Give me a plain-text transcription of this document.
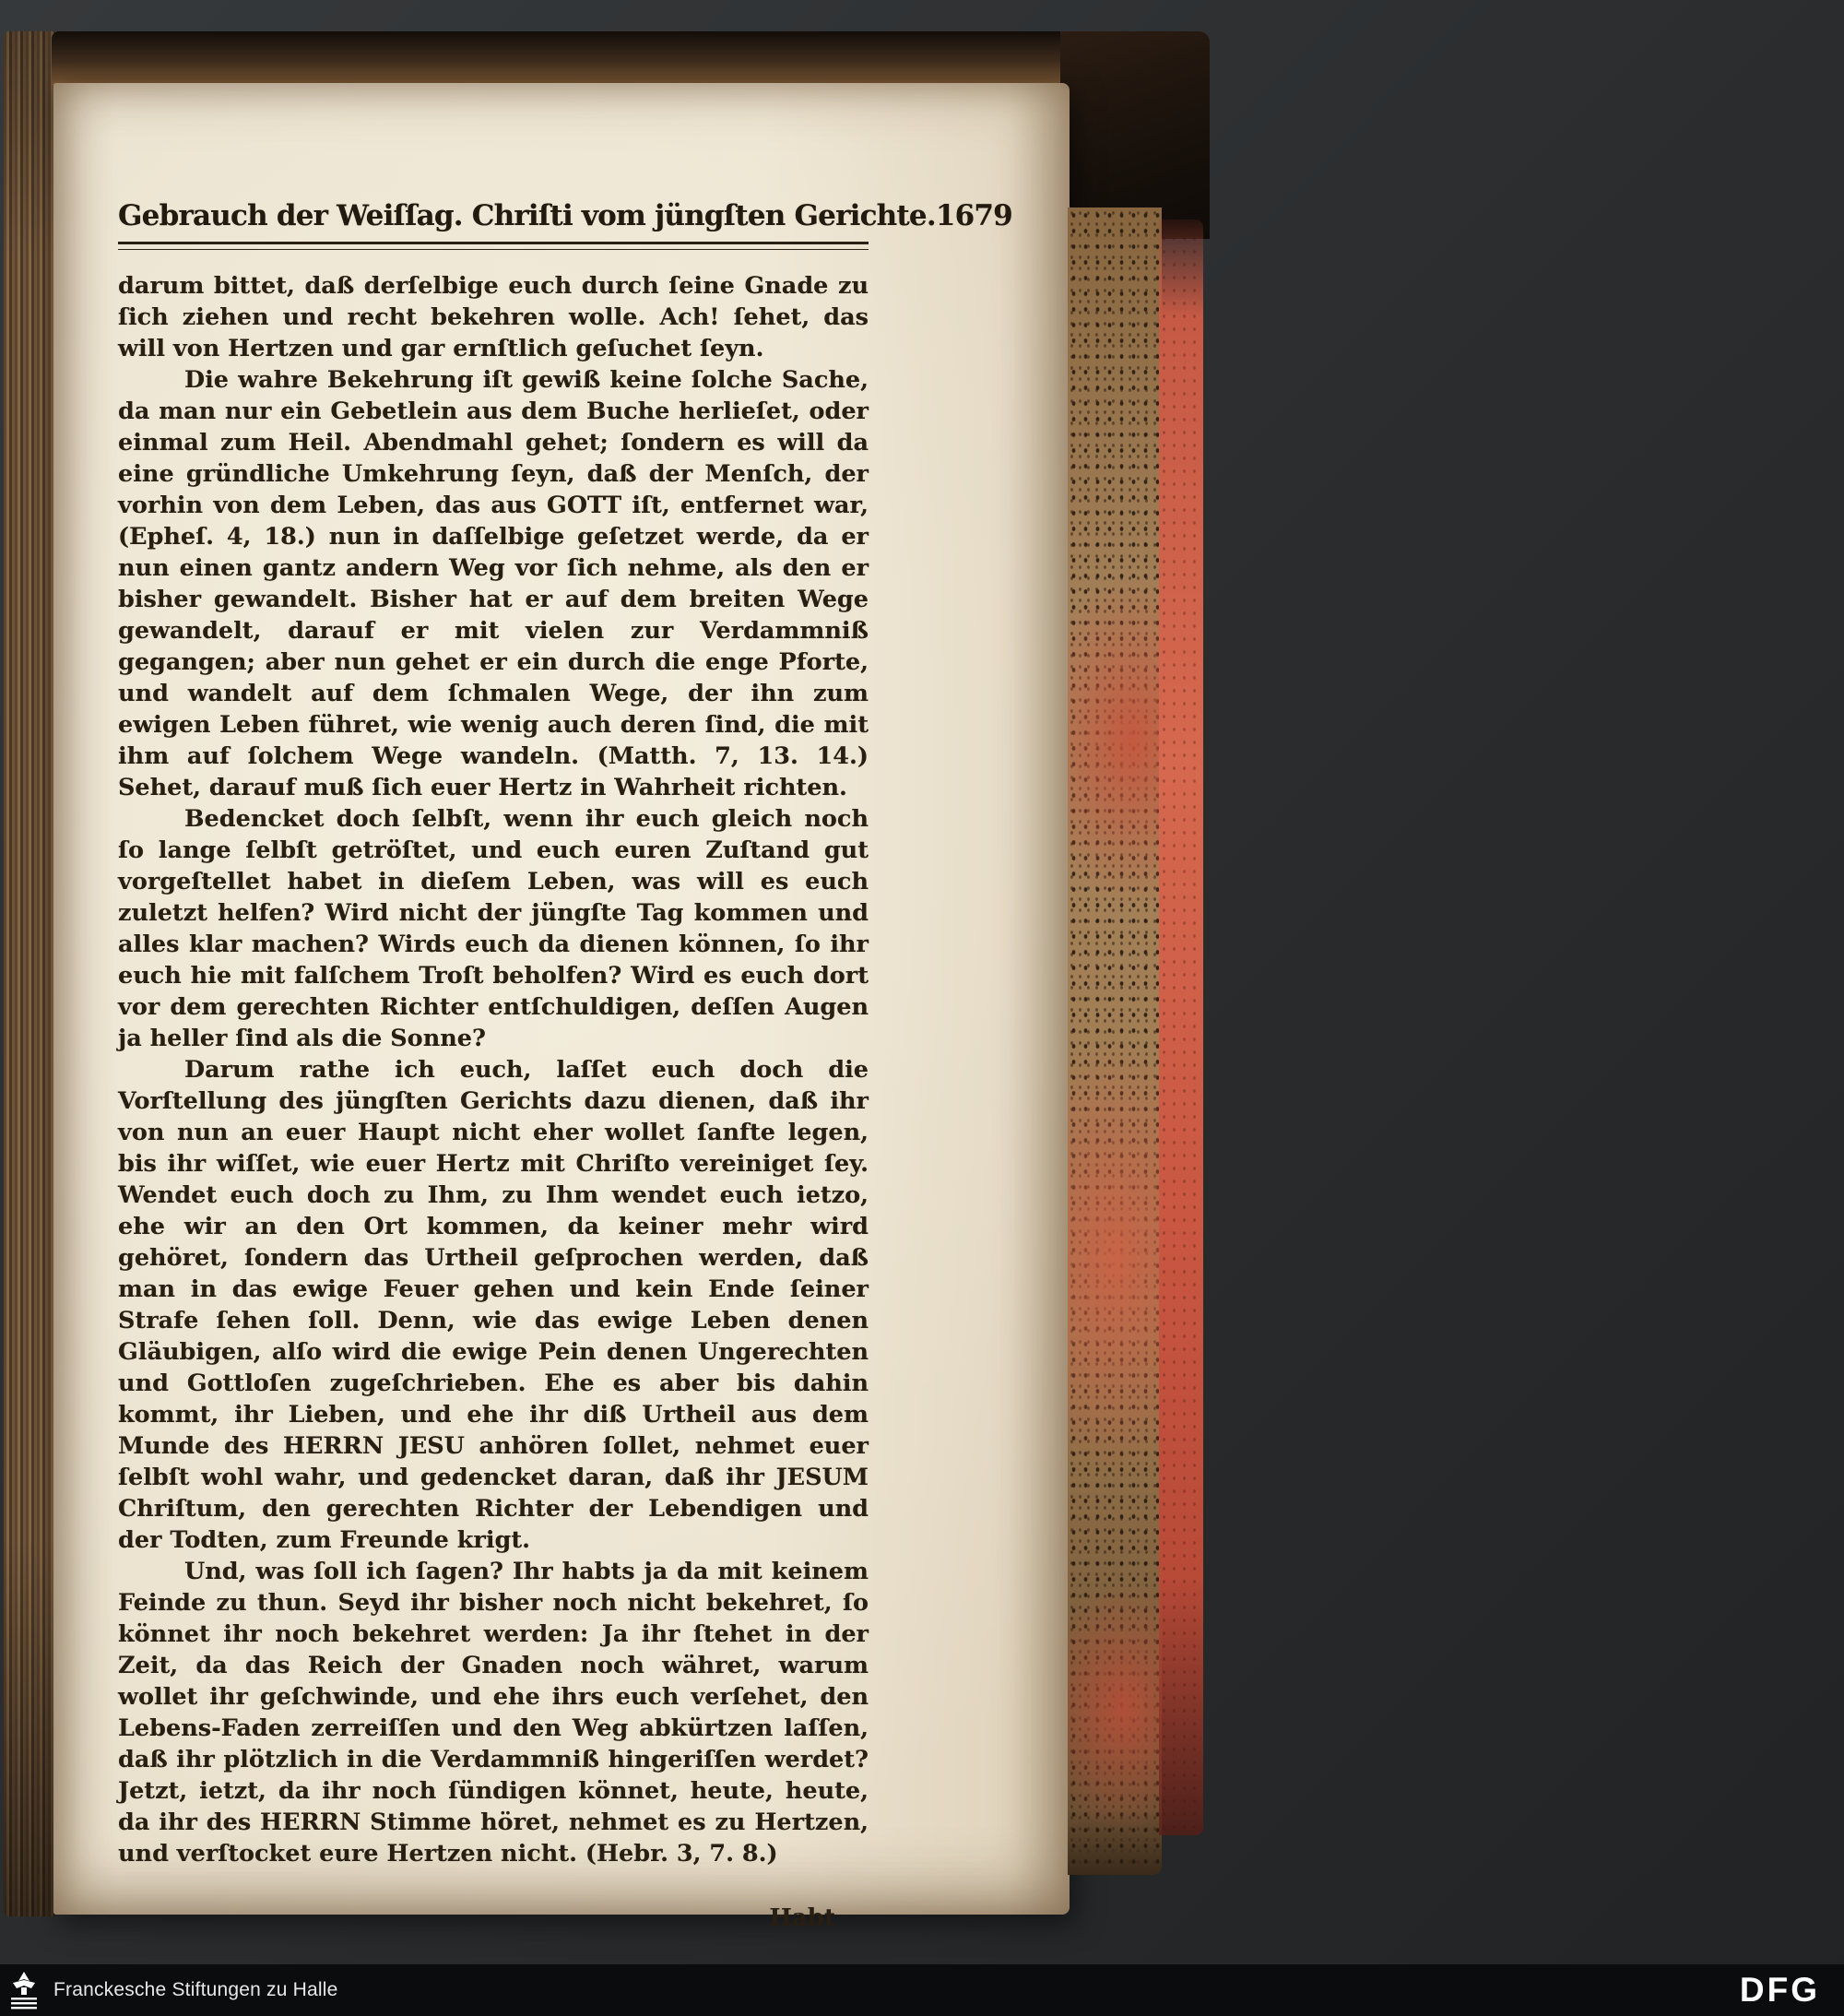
Gebrauch der Weiſſag. Chriſti vom jüngſten Gerichte. 1679

darum bittet, daß derſelbige euch durch ſeine Gnade zu ſich ziehen und recht bekehren wolle. Ach! ſehet, das will von Hertzen und gar ernſtlich geſuchet ſeyn.

Die wahre Bekehrung iſt gewiß keine ſolche Sache, da man nur ein Gebetlein aus dem Buche herlieſet, oder einmal zum Heil. Abendmahl gehet; ſondern es will da eine gründliche Umkehrung ſeyn, daß der Menſch, der vorhin von dem Leben, das aus GOTT iſt, entfernet war, (Epheſ. 4, 18.) nun in daſſelbige geſetzet werde, da er nun einen gantz andern Weg vor ſich nehme, als den er bisher gewandelt. Bisher hat er auf dem breiten Wege gewandelt, darauf er mit vielen zur Verdammniß gegangen; aber nun gehet er ein durch die enge Pforte, und wandelt auf dem ſchmalen Wege, der ihn zum ewigen Leben führet, wie wenig auch deren ſind, die mit ihm auf ſolchem Wege wandeln. (Matth. 7, 13. 14.) Sehet, darauf muß ſich euer Hertz in Wahrheit richten.

Bedencket doch ſelbſt, wenn ihr euch gleich noch ſo lange ſelbſt getröſtet, und euch euren Zuſtand gut vorgeſtellet habet in dieſem Leben, was will es euch zuletzt helfen? Wird nicht der jüngſte Tag kommen und alles klar machen? Wirds euch da dienen können, ſo ihr euch hie mit falſchem Troſt beholfen? Wird es euch dort vor dem gerechten Richter entſchuldigen, deſſen Augen ja heller ſind als die Sonne?

Darum rathe ich euch, laſſet euch doch die Vorſtellung des jüngſten Gerichts dazu dienen, daß ihr von nun an euer Haupt nicht eher wollet ſanfte legen, bis ihr wiſſet, wie euer Hertz mit Chriſto vereiniget ſey. Wendet euch doch zu Ihm, zu Ihm wendet euch ietzo, ehe wir an den Ort kommen, da keiner mehr wird gehöret, ſondern das Urtheil geſprochen werden, daß man in das ewige Feuer gehen und kein Ende ſeiner Strafe ſehen ſoll. Denn, wie das ewige Leben denen Gläubigen, alſo wird die ewige Pein denen Ungerechten und Gottloſen zugeſchrieben. Ehe es aber bis dahin kommt, ihr Lieben, und ehe ihr diß Urtheil aus dem Munde des HERRN JESU anhören ſollet, nehmet euer ſelbſt wohl wahr, und gedencket daran, daß ihr JESUM Chriſtum, den gerechten Richter der Lebendigen und der Todten, zum Freunde krigt.

Und, was ſoll ich ſagen? Ihr habts ja da mit keinem Feinde zu thun. Seyd ihr bisher noch nicht bekehret, ſo könnet ihr noch bekehret werden: Ja ihr ſtehet in der Zeit, da das Reich der Gnaden noch währet, warum wollet ihr geſchwinde, und ehe ihrs euch verſehet, den Lebens-Faden zerreiſſen und den Weg abkürtzen laſſen, daß ihr plötzlich in die Verdammniß hingeriſſen werdet? Jetzt, ietzt, da ihr noch ſündigen könnet, heute, heute, da ihr des HERRN Stimme höret, nehmet es zu Hertzen, und verſtocket eure Hertzen nicht. (Hebr. 3, 7. 8.)

Habt
Franckesche Stiftungen zu Halle	DFG
